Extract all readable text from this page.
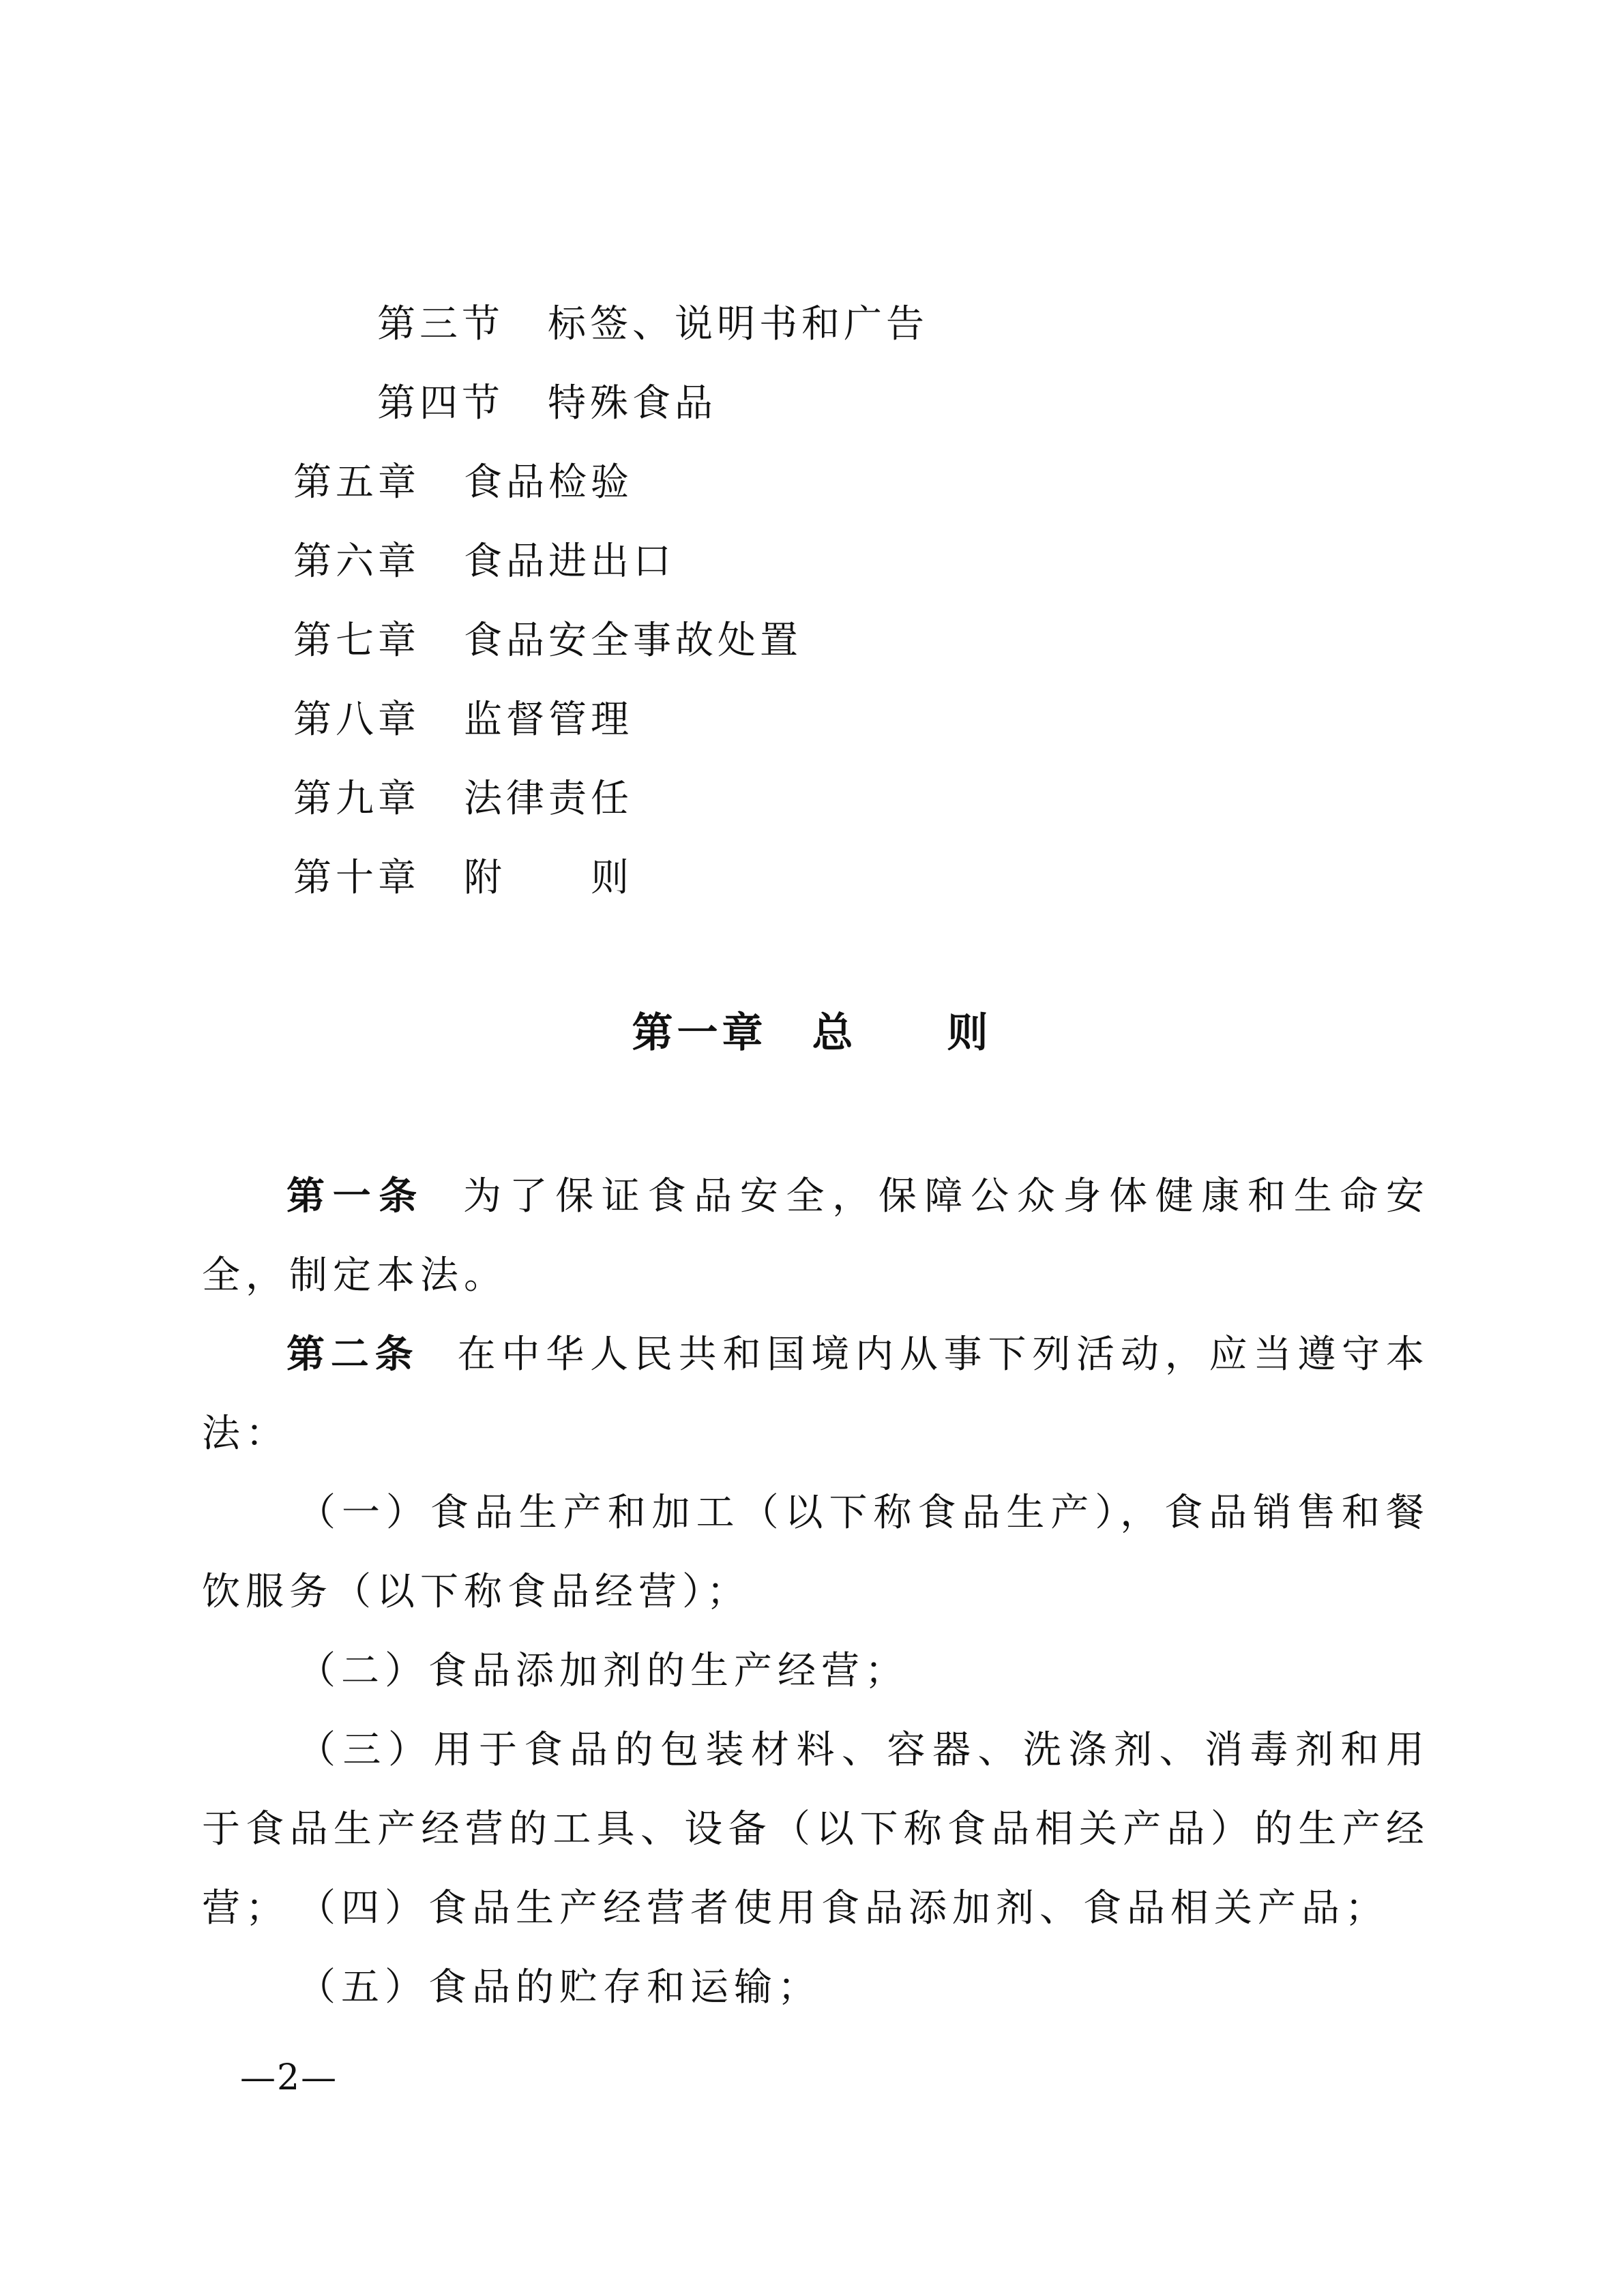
第三节 标签、说明书和广告
第四节 特殊食品
第五章 食品检验
第六章 食品进出口
第七章 食品安全事故处置
第八章 监督管理
第九章 法律责任
第十章 附　　则
第一章　总　　则
第一条 为了保证食品安全，保障公众身体健康和生命安全，制定本法。
第二条 在中华人民共和国境内从事下列活动，应当遵守本法：
（一）食品生产和加工（以下称食品生产），食品销售和餐饮服务（以下称食品经营）；
（二）食品添加剂的生产经营；
（三）用于食品的包装材料、容器、洗涤剂、消毒剂和用于食品生产经营的工具、设备（以下称食品相关产品）的生产经营； （四）食品生产经营者使用食品添加剂、食品相关产品；
（五）食品的贮存和运输；
—2—
